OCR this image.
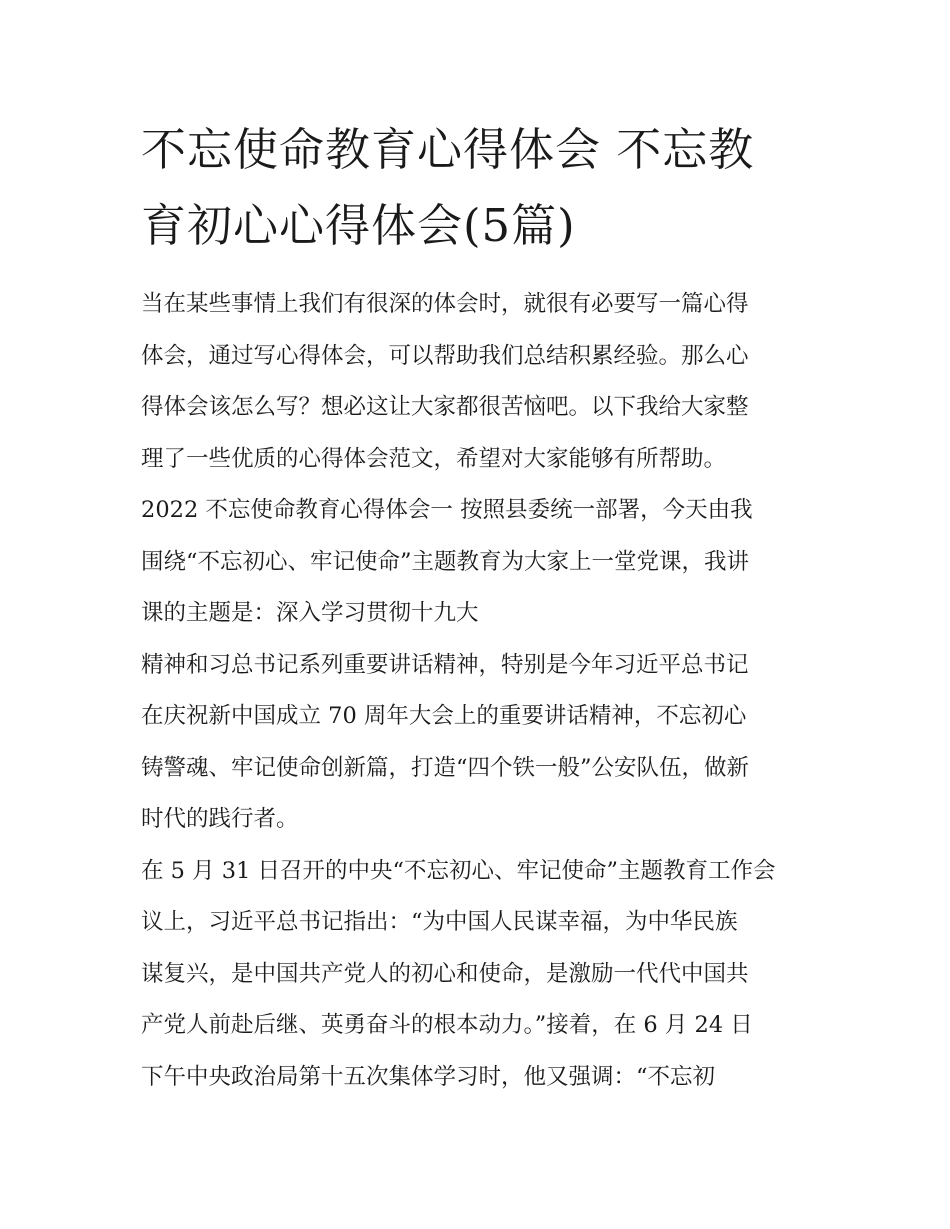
不忘使命教育心得体会 不忘教
育初心心得体会(5篇)
当在某些事情上我们有很深的体会时，就很有必要写一篇心得
体会，通过写心得体会，可以帮助我们总结积累经验。那么心
得体会该怎么写？想必这让大家都很苦恼吧。以下我给大家整
理了一些优质的心得体会范文，希望对大家能够有所帮助。
2022 不忘使命教育心得体会一 按照县委统一部署，今天由我
围绕“不忘初心、牢记使命”主题教育为大家上一堂党课，我讲
课的主题是：深入学习贯彻十九大
精神和习总书记系列重要讲话精神，特别是今年习近平总书记
在庆祝新中国成立 70 周年大会上的重要讲话精神，不忘初心
铸警魂、牢记使命创新篇，打造“四个铁一般”公安队伍，做新
时代的践行者。
在 5 月 31 日召开的中央“不忘初心、牢记使命”主题教育工作会
议上，习近平总书记指出：“为中国人民谋幸福，为中华民族
谋复兴，是中国共产党人的初心和使命，是激励一代代中国共
产党人前赴后继、英勇奋斗的根本动力。”接着，在 6 月 24 日
下午中央政治局第十五次集体学习时，他又强调：“不忘初
